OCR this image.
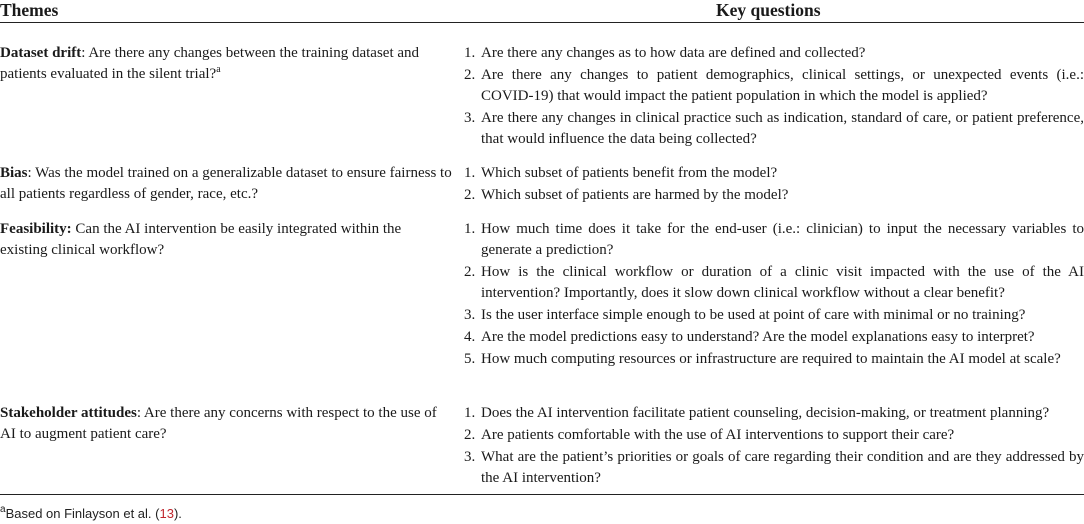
Themes	Key questions
Dataset drift: Are there any changes between the training dataset and patients evaluated in the silent trial?$^a$
1. Are there any changes as to how data are defined and collected?
2. Are there any changes to patient demographics, clinical settings, or unexpected events (i.e.: COVID-19) that would impact the patient population in which the model is applied?
3. Are there any changes in clinical practice such as indication, standard of care, or patient preference, that would influence the data being collected?
Bias: Was the model trained on a generalizable dataset to ensure fairness to all patients regardless of gender, race, etc.?
1. Which subset of patients benefit from the model?
2. Which subset of patients are harmed by the model?
Feasibility: Can the AI intervention be easily integrated within the existing clinical workflow?
1. How much time does it take for the end-user (i.e.: clinician) to input the necessary variables to generate a prediction?
2. How is the clinical workflow or duration of a clinic visit impacted with the use of the AI intervention? Importantly, does it slow down clinical workflow without a clear benefit?
3. Is the user interface simple enough to be used at point of care with minimal or no training?
4. Are the model predictions easy to understand? Are the model explanations easy to interpret?
5. How much computing resources or infrastructure are required to maintain the AI model at scale?
Stakeholder attitudes: Are there any concerns with respect to the use of AI to augment patient care?
1. Does the AI intervention facilitate patient counseling, decision-making, or treatment planning?
2. Are patients comfortable with the use of AI interventions to support their care?
3. What are the patient’s priorities or goals of care regarding their condition and are they addressed by the AI intervention?
$^a$Based on Finlayson et al. (13).
